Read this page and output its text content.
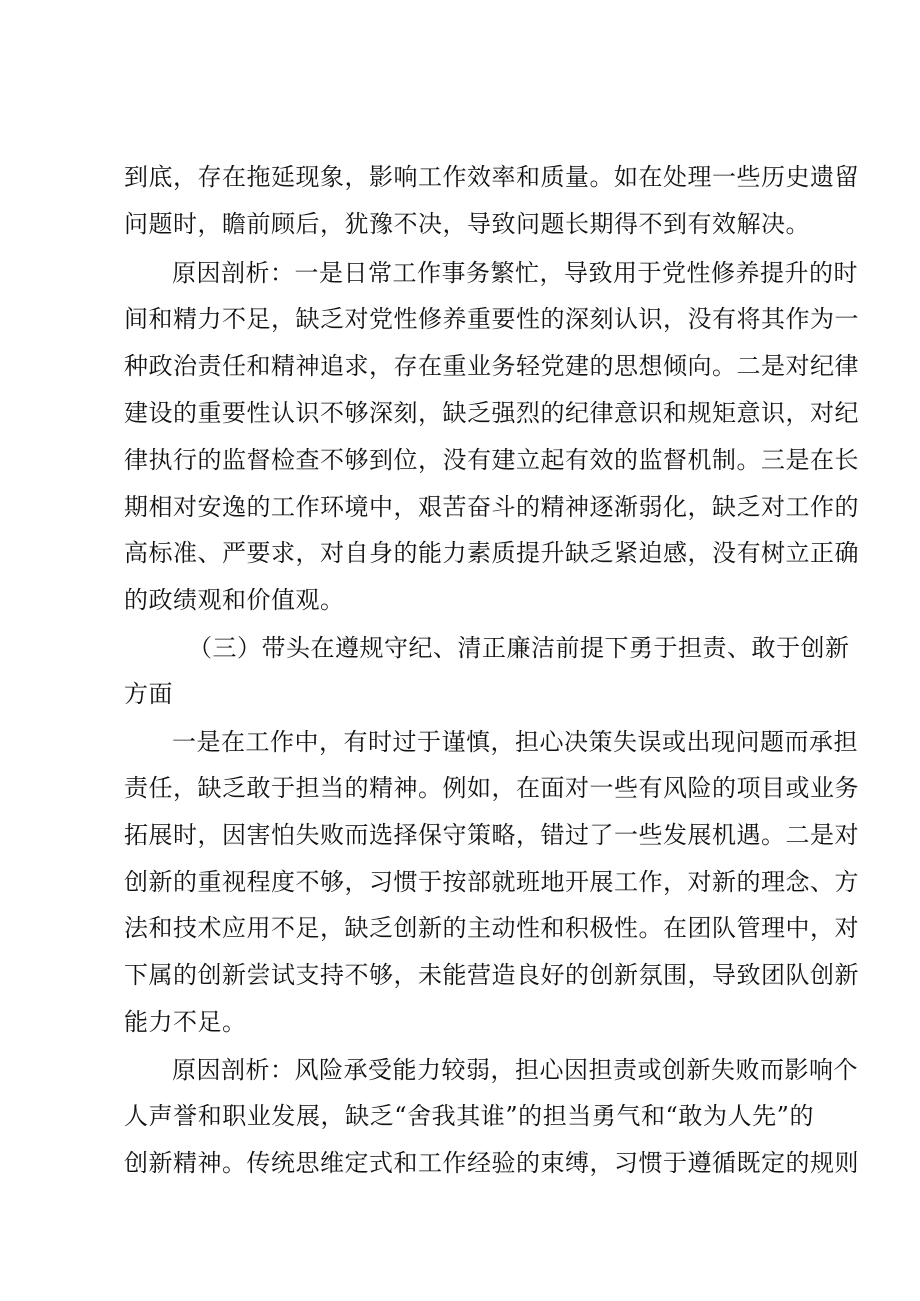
到底，存在拖延现象，影响工作效率和质量。如在处理一些历史遗留
问题时，瞻前顾后，犹豫不决，导致问题长期得不到有效解决。
原因剖析：一是日常工作事务繁忙，导致用于党性修养提升的时
间和精力不足，缺乏对党性修养重要性的深刻认识，没有将其作为一
种政治责任和精神追求，存在重业务轻党建的思想倾向。二是对纪律
建设的重要性认识不够深刻，缺乏强烈的纪律意识和规矩意识，对纪
律执行的监督检查不够到位，没有建立起有效的监督机制。三是在长
期相对安逸的工作环境中，艰苦奋斗的精神逐渐弱化，缺乏对工作的
高标准、严要求，对自身的能力素质提升缺乏紧迫感，没有树立正确
的政绩观和价值观。
（三）带头在遵规守纪、清正廉洁前提下勇于担责、敢于创新
方面
一是在工作中，有时过于谨慎，担心决策失误或出现问题而承担
责任，缺乏敢于担当的精神。例如，在面对一些有风险的项目或业务
拓展时，因害怕失败而选择保守策略，错过了一些发展机遇。二是对
创新的重视程度不够，习惯于按部就班地开展工作，对新的理念、方
法和技术应用不足，缺乏创新的主动性和积极性。在团队管理中，对
下属的创新尝试支持不够，未能营造良好的创新氛围，导致团队创新
能力不足。
原因剖析：风险承受能力较弱，担心因担责或创新失败而影响个
人声誉和职业发展，缺乏“舍我其谁”的担当勇气和“敢为人先”的
创新精神。传统思维定式和工作经验的束缚，习惯于遵循既定的规则
